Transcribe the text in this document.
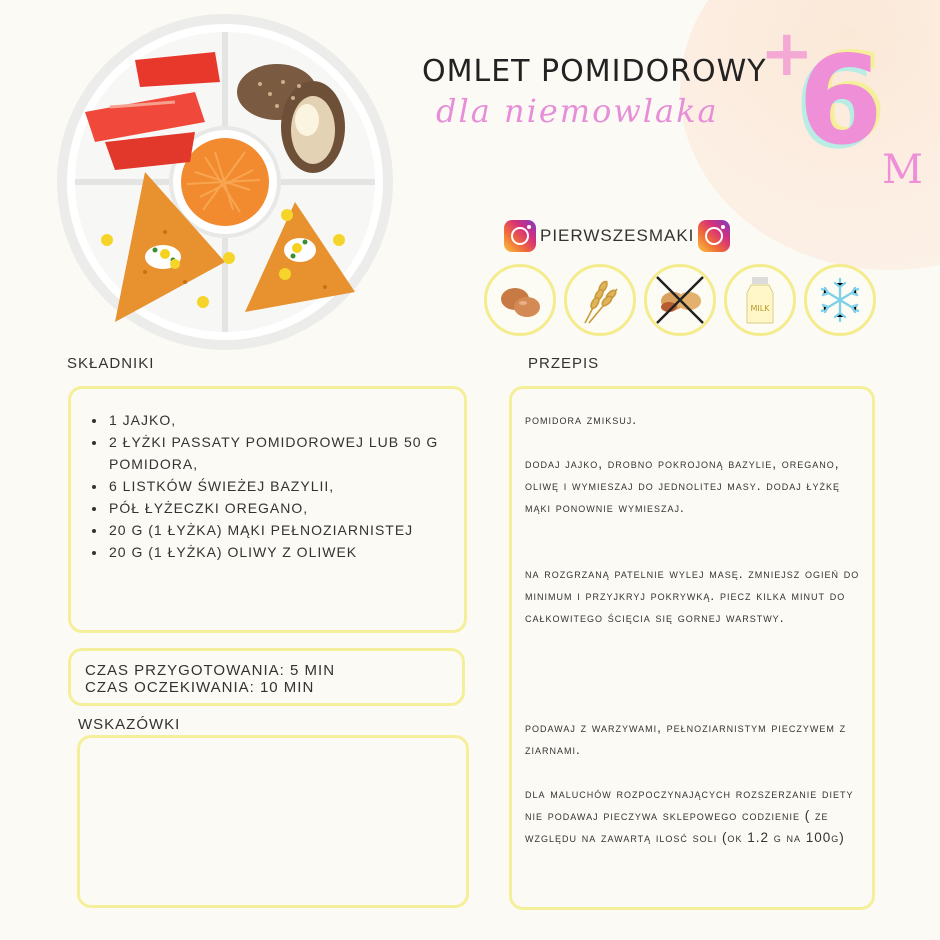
OMLET POMIDOROWY
dla niemowlaka
+
6 M
PIERWSZESMAKI
MILK
SKŁADNIKI
• 1 JAJKO,
• 2 ŁYŻKI PASSATY POMIDOROWEJ LUB 50 G POMIDORA,
• 6 LISTKÓW ŚWIEŻEJ BAZYLII,
• PÓŁ ŁYŻECZKI OREGANO,
• 20 G (1 ŁYŻKA) MĄKI PEŁNOZIARNISTEJ
• 20 G (1 ŁYŻKA) OLIWY Z OLIWEK
CZAS PRZYGOTOWANIA: 5 MIN
CZAS OCZEKIWANIA: 10 MIN
WSKAZÓWKI
PRZEPIS

pomidora zmiksuj.

dodaj jajko, drobno pokrojoną bazylie, oregano, oliwę i wymieszaj do jednolitej masy. dodaj łyżkę mąki ponownie wymieszaj.

na rozgrzaną patelnie wylej masę. zmniejsz ogień do minimum i przyjkryj pokrywką. piecz kilka minut do całkowitego ścięcia się gornej warstwy.

podawaj z warzywami, pełnoziarnistym pieczywem z ziarnami.

dla maluchów rozpoczynających rozszerzanie diety nie podawaj pieczywa sklepowego codzienie ( ze względu na zawartą ilosć soli (ok 1.2 g na 100g)
